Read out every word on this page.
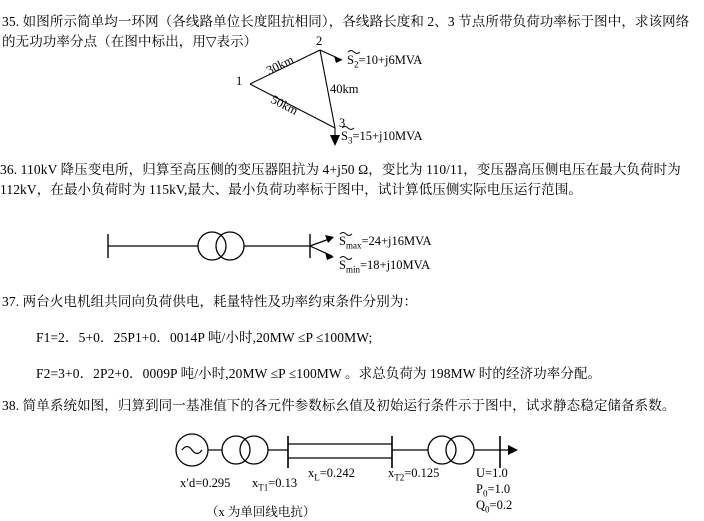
35. 如图所示简单均一环网（各线路单位长度阻抗相同），各线路长度和 2、3 节点所带负荷功率标于图中，求该网络的无功功率分点（在图中标出，用▽表示）
1
2
3
30km
50km
40km
$S_2=10+j6MVA$
$S_3=15+j10MVA$
36. 110kV 降压变电所，归算至高压侧的变压器阻抗为 4+j50 Ω，变比为 110/11，变压器高压侧电压在最大负荷时为 112kV，在最小负荷时为 115kV,最大、最小负荷功率标于图中，试计算低压侧实际电压运行范围。
$S_{max}=24+j16MVA$
$S_{min}=18+j10MVA$
37. 两台火电机组共同向负荷供电，耗量特性及功率约束条件分别为：
F1=2．5+0．25P1+0．0014P 吨/小时,20MW ≤P ≤100MW;
F2=3+0．2P2+0．0009P 吨/小时,20MW ≤P ≤100MW 。求总负荷为 198MW 时的经济功率分配。
38. 简单系统如图，归算到同一基准值下的各元件参数标幺值及初始运行条件示于图中，试求静态稳定储备系数。
x′d=0.295 $x_{T1}=0.13$
$x_L=0.242$	$x_{T2}=0.125$	U=1.0
$P_0=1.0$
$Q_0=0.2$
（x 为单回线电抗）
